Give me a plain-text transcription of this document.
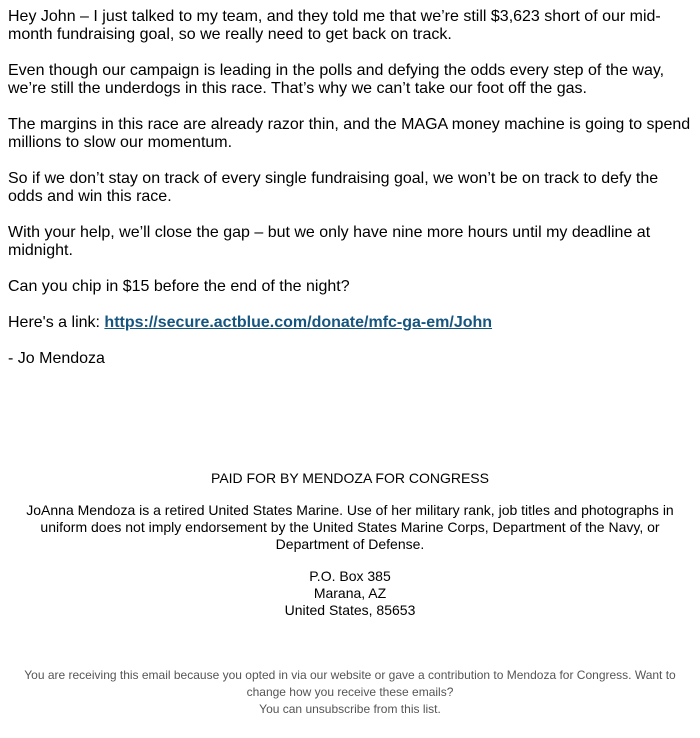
Hey John – I just talked to my team, and they told me that we’re still $3,623 short of our mid-month fundraising goal, so we really need to get back on track.

Even though our campaign is leading in the polls and defying the odds every step of the way, we’re still the underdogs in this race. That’s why we can’t take our foot off the gas.

The margins in this race are already razor thin, and the MAGA money machine is going to spend millions to slow our momentum.

So if we don’t stay on track of every single fundraising goal, we won’t be on track to defy the odds and win this race.

With your help, we’ll close the gap – but we only have nine more hours until my deadline at midnight.

Can you chip in $15 before the end of the night?

Here's a link: https://secure.actblue.com/donate/mfc-ga-em/John

- Jo Mendoza

PAID FOR BY MENDOZA FOR CONGRESS
JoAnna Mendoza is a retired United States Marine. Use of her military rank, job titles and photographs in uniform does not imply endorsement by the United States Marine Corps, Department of the Navy, or Department of Defense.
P.O. Box 385
Marana, AZ
United States, 85653
You are receiving this email because you opted in via our website or gave a contribution to Mendoza for Congress. Want to change how you receive these emails?
You can unsubscribe from this list.
